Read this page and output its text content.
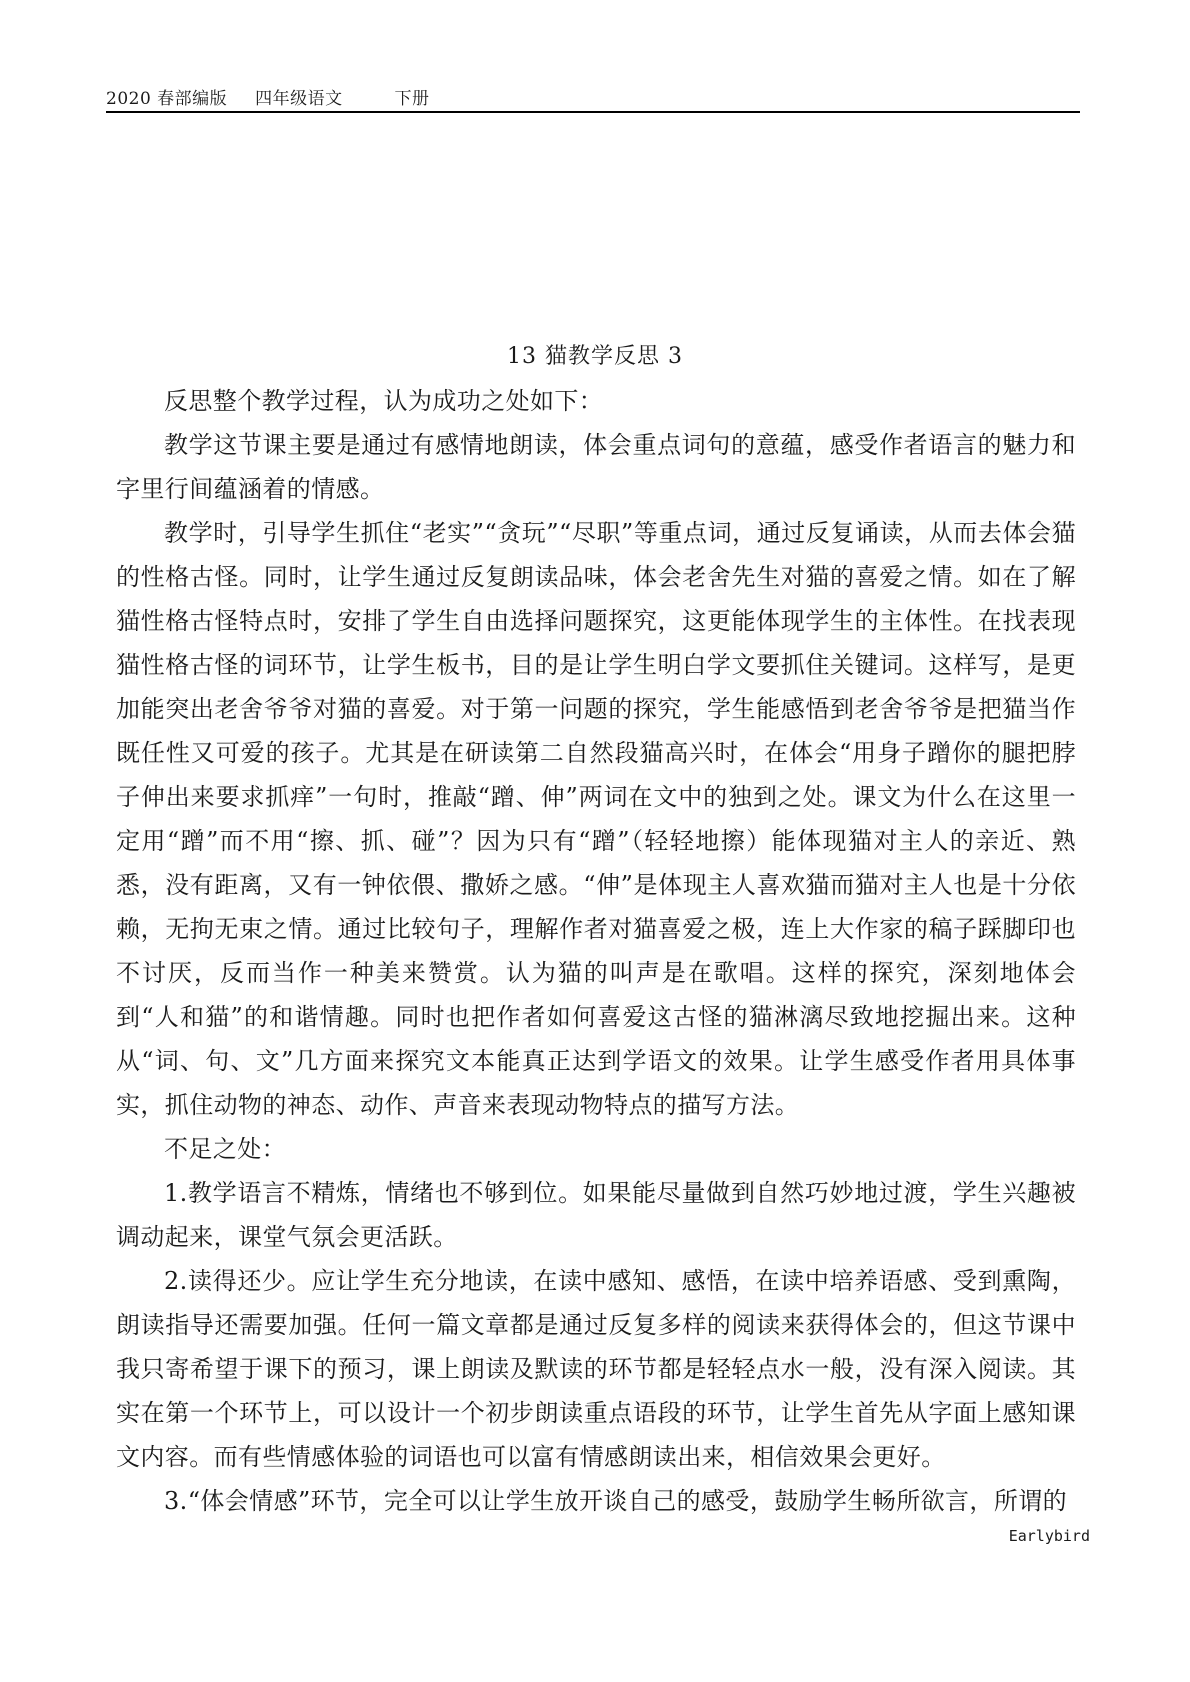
2020 春部编版 四年级语文	下册
13 猫教学反思 3

反思整个教学过程，认为成功之处如下：

教学这节课主要是通过有感情地朗读，体会重点词句的意蕴，感受作者语言的魅力和字里行间蕴涵着的情感。

教学时，引导学生抓住“老实”“贪玩”“尽职”等重点词，通过反复诵读，从而去体会猫的性格古怪。同时，让学生通过反复朗读品味，体会老舍先生对猫的喜爱之情。如在了解猫性格古怪特点时，安排了学生自由选择问题探究，这更能体现学生的主体性。在找表现猫性格古怪的词环节，让学生板书，目的是让学生明白学文要抓住关键词。这样写，是更加能突出老舍爷爷对猫的喜爱。对于第一问题的探究，学生能感悟到老舍爷爷是把猫当作既任性又可爱的孩子。尤其是在研读第二自然段猫高兴时，在体会“用身子蹭你的腿把脖子伸出来要求抓痒”一句时，推敲“蹭、伸”两词在文中的独到之处。课文为什么在这里一定用“蹭”而不用“擦、抓、碰”？因为只有“蹭”（轻轻地擦）能体现猫对主人的亲近、熟悉，没有距离，又有一钟依偎、撒娇之感。“伸”是体现主人喜欢猫而猫对主人也是十分依赖，无拘无束之情。通过比较句子，理解作者对猫喜爱之极，连上大作家的稿子踩脚印也不讨厌，反而当作一种美来赞赏。认为猫的叫声是在歌唱。这样的探究，深刻地体会到“人和猫”的和谐情趣。同时也把作者如何喜爱这古怪的猫淋漓尽致地挖掘出来。这种从“词、句、文”几方面来探究文本能真正达到学语文的效果。让学生感受作者用具体事实，抓住动物的神态、动作、声音来表现动物特点的描写方法。

不足之处：

1.教学语言不精炼，情绪也不够到位。如果能尽量做到自然巧妙地过渡，学生兴趣被调动起来，课堂气氛会更活跃。

2.读得还少。应让学生充分地读，在读中感知、感悟，在读中培养语感、受到熏陶，朗读指导还需要加强。任何一篇文章都是通过反复多样的阅读来获得体会的，但这节课中我只寄希望于课下的预习，课上朗读及默读的环节都是轻轻点水一般，没有深入阅读。其实在第一个环节上，可以设计一个初步朗读重点语段的环节，让学生首先从字面上感知课文内容。而有些情感体验的词语也可以富有情感朗读出来，相信效果会更好。

3.“体会情感”环节，完全可以让学生放开谈自己的感受，鼓励学生畅所欲言，所谓的

Earlybird
